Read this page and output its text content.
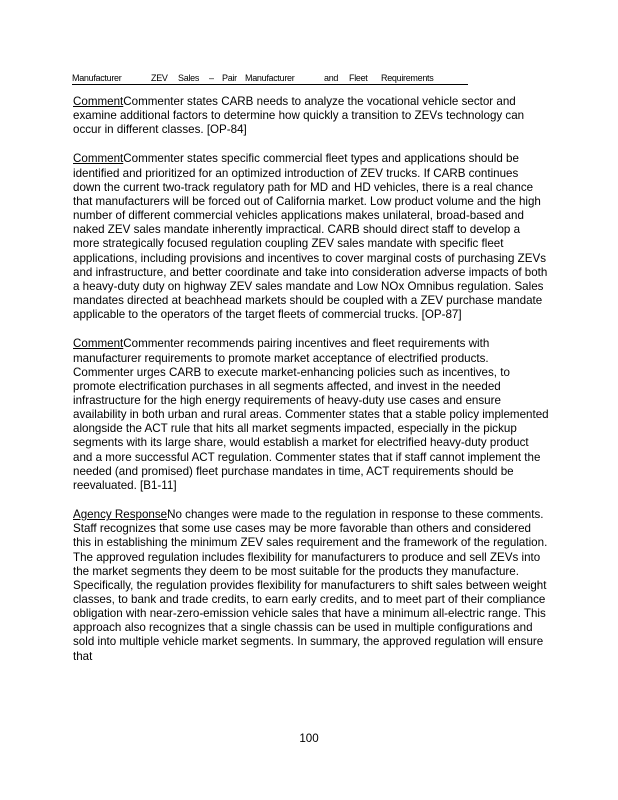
Manufacturer	ZEV Sales – Pair Manufacturer	and Fleet Requirements

CommentCommenter states CARB needs to analyze the vocational vehicle sector and examine additional factors to determine how quickly a transition to ZEVs technology can occur in different classes. [OP-84]

CommentCommenter states specific commercial fleet types and applications should be identified and prioritized for an optimized introduction of ZEV trucks. If CARB continues down the current two-track regulatory path for MD and HD vehicles, there is a real chance that manufacturers will be forced out of California market. Low product volume and the high number of different commercial vehicles applications makes unilateral, broad-based and naked ZEV sales mandate inherently impractical. CARB should direct staff to develop a more strategically focused regulation coupling ZEV sales mandate with specific fleet applications, including provisions and incentives to cover marginal costs of purchasing ZEVs and infrastructure, and better coordinate and take into consideration adverse impacts of both a heavy-duty duty on highway ZEV sales mandate and Low NOx Omnibus regulation. Sales mandates directed at beachhead markets should be coupled with a ZEV purchase mandate applicable to the operators of the target fleets of commercial trucks. [OP-87]

CommentCommenter recommends pairing incentives and fleet requirements with manufacturer requirements to promote market acceptance of electrified products. Commenter urges CARB to execute market-enhancing policies such as incentives, to promote electrification purchases in all segments affected, and invest in the needed infrastructure for the high energy requirements of heavy-duty use cases and ensure availability in both urban and rural areas. Commenter states that a stable policy implemented alongside the ACT rule that hits all market segments impacted, especially in the pickup segments with its large share, would establish a market for electrified heavy-duty product and a more successful ACT regulation. Commenter states that if staff cannot implement the needed (and promised) fleet purchase mandates in time, ACT requirements should be reevaluated. [B1-11]

Agency ResponseNo changes were made to the regulation in response to these comments. Staff recognizes that some use cases may be more favorable than others and considered this in establishing the minimum ZEV sales requirement and the framework of the regulation. The approved regulation includes flexibility for manufacturers to produce and sell ZEVs into the market segments they deem to be most suitable for the products they manufacture. Specifically, the regulation provides flexibility for manufacturers to shift sales between weight classes, to bank and trade credits, to earn early credits, and to meet part of their compliance obligation with near-zero-emission vehicle sales that have a minimum all-electric range. This approach also recognizes that a single chassis can be used in multiple configurations and sold into multiple vehicle market segments. In summary, the approved regulation will ensure that

100
